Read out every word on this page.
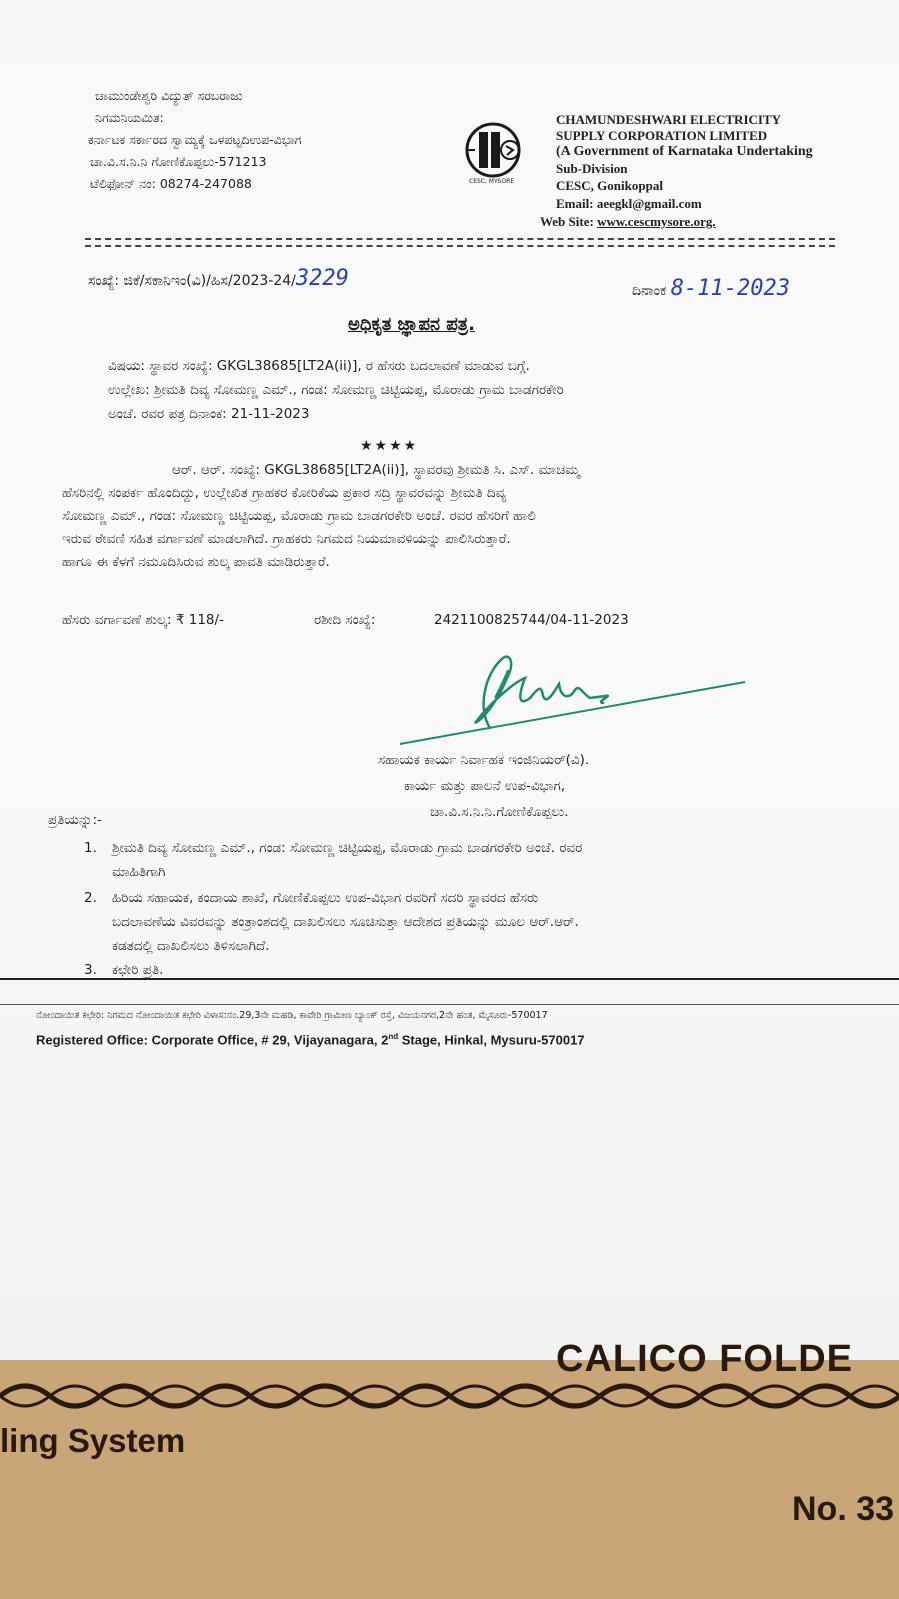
ಚಾಮುಂಡೇಶ್ವರಿ ವಿದ್ಯುತ್ ಸರಬರಾಜು
ನಿಗಮನಿಯಮಿತ:
ಕರ್ನಾಟಕ ಸರ್ಕಾರದ ಸ್ವಾಮ್ಯಕ್ಕೆ ಒಳಪಟ್ಟದಿಉಪ-ವಿಭಾಗ
ಚಾ.ವಿ.ಸ.ನಿ.ನಿ ಗೋಣಿಕೊಪ್ಪಲು-571213
ಟೆಲಿಫೋನ್ ನಂ: 08274-247088	CESC, MYSORE
CHAMUNDESHWARI ELECTRICITY
SUPPLY CORPORATION LIMITED
(A Government of Karnataka Undertaking
Sub-Division
CESC, Gonikoppal
Email: aeegkl@gmail.com
Web Site: www.cescmysore.org.
ಸಂಖ್ಯೆ: ಜಿಕೆ/ಸಕಾನಿಇಂ(ವಿ)/ಹಿಸ/2023-24/3229	ದಿನಾಂಕ 8-11-2023
ಅಧಿಕೃತ ಜ್ಞಾಪನ ಪತ್ರ.
ವಿಷಯ: ಸ್ಥಾವರ ಸಂಖ್ಯೆ: GKGL38685[LT2A(ii)], ರ ಹೆಸರು ಬದಲಾವಣೆ ಮಾಡುವ ಬಗ್ಗೆ.
ಉಲ್ಲೇಖ: ಶ್ರೀಮತಿ ದಿವ್ಯ ಸೋಮಣ್ಣ ಎಮ್., ಗಂಡ: ಸೋಮಣ್ಣ ಚಿಟ್ಟಿಯಪ್ಪ, ಮೊರಾಡು ಗ್ರಾಮ ಬಾಡಗರಕೇರಿ
ಅಂಚೆ. ರವರ ಪತ್ರ ದಿನಾಂಕ: 21-11-2023
★★★★
ಆರ್. ಆರ್. ಸಂಖ್ಯೆ: GKGL38685[LT2A(ii)], ಸ್ಥಾವರವು ಶ್ರೀಮತಿ ಸಿ. ಎಸ್. ಮಾಚಮ್ಮ
ಹೆಸರಿನಲ್ಲಿ ಸಂಪರ್ಕ ಹೊಂದಿದ್ದು, ಉಲ್ಲೇಖಿತ ಗ್ರಾಹಕರ ಕೋರಿಕೆಯ ಪ್ರಕಾರ ಸದ್ರಿ ಸ್ಥಾವರವನ್ನು ಶ್ರೀಮತಿ ದಿವ್ಯ
ಸೋಮಣ್ಣ ಎಮ್., ಗಂಡ: ಸೋಮಣ್ಣ ಚಿಟ್ಟಿಯಪ್ಪ, ಮೊರಾಡು ಗ್ರಾಮ ಬಾಡಗರಕೇರಿ ಅಂಚೆ. ರವರ ಹೆಸರಿಗೆ ಹಾಲಿ
ಇರುವ ಠೇವಣಿ ಸಹಿತ ವರ್ಗಾವಣೆ ಮಾಡಲಾಗಿದೆ. ಗ್ರಾಹಕರು ನಿಗಮದ ನಿಯಮಾವಳಿಯನ್ನು ಪಾಲಿಸಿರುತ್ತಾರೆ.
ಹಾಗೂ ಈ ಕೆಳಗೆ ನಮೂದಿಸಿರುವ ಶುಲ್ಕ ಪಾವತಿ ಮಾಡಿರುತ್ತಾರೆ.
ಹೆಸರು ವರ್ಗಾವಣೆ ಶುಲ್ಕ: ₹ 118/-	ರಶೀದಿ ಸಂಖ್ಯೆ:	2421100825744/04-11-2023
ಸಹಾಯಕ ಕಾರ್ಯ ನಿರ್ವಾಹಕ ಇಂಜಿನಿಯರ್(ವಿ).
ಕಾರ್ಯ ಮತ್ತು ಪಾಲನೆ ಉಪ-ವಿಭಾಗ,
ಚಾ.ವಿ.ಸ.ನಿ.ನಿ.ಗೋಣಿಕೊಪ್ಪಲು.
ಪ್ರತಿಯನ್ನು:-
1. ಶ್ರೀಮತಿ ದಿವ್ಯ ಸೋಮಣ್ಣ ಎಮ್., ಗಂಡ: ಸೋಮಣ್ಣ ಚಿಟ್ಟಿಯಪ್ಪ, ಮೊರಾಡು ಗ್ರಾಮ ಬಾಡಗರಕೇರಿ ಅಂಚೆ. ರವರ
ಮಾಹಿತಿಗಾಗಿ
2. ಹಿರಿಯ ಸಹಾಯಕ, ಕಂದಾಯ ಶಾಖೆ, ಗೋಣಿಕೊಪ್ಪಲು ಉಪ-ವಿಭಾಗ ರವರಿಗೆ ಸದರಿ ಸ್ಥಾವರದ ಹೆಸರು
ಬದಲಾವಣೆಯ ವಿವರವನ್ನು ತಂತ್ರಾಂಶದಲ್ಲಿ ದಾಖಲಿಸಲು ಸೂಚಿಸುತ್ತಾ ಆದೇಶದ ಪ್ರತಿಯನ್ನು ಮೂಲ ಆರ್.ಆರ್.
ಕಡತದಲ್ಲಿ ದಾಖಲಿಸಲು ತಿಳಿಸಲಾಗಿದೆ.
3. ಕಛೇರಿ ಪ್ರತಿ.
ನೋಂದಾಯಿತ ಕಛೇರಿ: ನಿಗಮದ ನೋಂದಾಯಿತ ಕಛೇರಿ ವಿಳಾಸ:ನಂ.29,3ನೇ ಮಹಡಿ, ಕಾವೇರಿ ಗ್ರಾಮೀಣ ಬ್ಯಾಂಕ್ ರಸ್ತೆ, ವಿಜಯನಗರ,2ನೇ ಹಂತ, ಮೈಸೂರು-570017
Registered Office: Corporate Office, # 29, Vijayanagara, 2nd Stage, Hinkal, Mysuru-570017
CALICO FOLDE
ling System
No. 33
